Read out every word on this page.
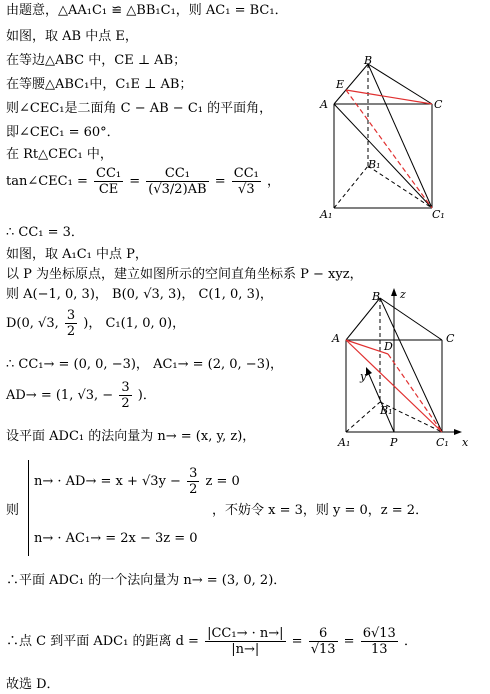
由题意，△AA₁C₁ ≌ △BB₁C₁，则 AC₁ = BC₁．
如图，取 AB 中点 E，
在等边△ABC 中，CE ⊥ AB；
在等腰△ABC₁中，C₁E ⊥ AB；
则∠CEC₁是二面角 C − AB − C₁ 的平面角，
即∠CEC₁ = 60°．
在 Rt△CEC₁ 中，
tan∠CEC₁ = $\frac{\text{CC₁}}{CE} = \frac{\text{CC₁}}{(√3/2)AB} = \frac{\text{CC₁}}{√3}$ ，
∴ CC₁ = 3．
如图，取 A₁C₁ 中点 P，
以 P 为坐标原点，建立如图所示的空间直角坐标系 P − xyz，
则 A(−1, 0, 3)， B(0, √3, 3)， C(1, 0, 3)，
D(0, √3, $\frac{3}{2}$ )， C₁(1, 0, 0)，
∴ CC₁→ = (0, 0, −3)， AC₁→ = (2, 0, −3)，
AD→ = (1, √3, − $\frac{3}{2}$ )．
设平面 ADC₁ 的法向量为 n→ = (x, y, z)，
则
$n\to \cdot AD\to = x + √3y - \frac{3}{2}$ z = 0
n→ · AC₁→ = 2x − 3z = 0
，不妨令 x = 3，则 y = 0，z = 2．
∴平面 ADC₁ 的一个法向量为 n→ = (3, 0, 2)．
∴点 C 到平面 ADC₁ 的距离 $d = \frac{\text{|CC₁→ · n→|}}{|n\to|} = \frac{6}{√13} = \frac{6√13}{13}$ ．
故选 D．
B
E
A	C
B₁
A₁	C₁
B z
A
D
C
y
B₁
A₁	P	C₁ x
